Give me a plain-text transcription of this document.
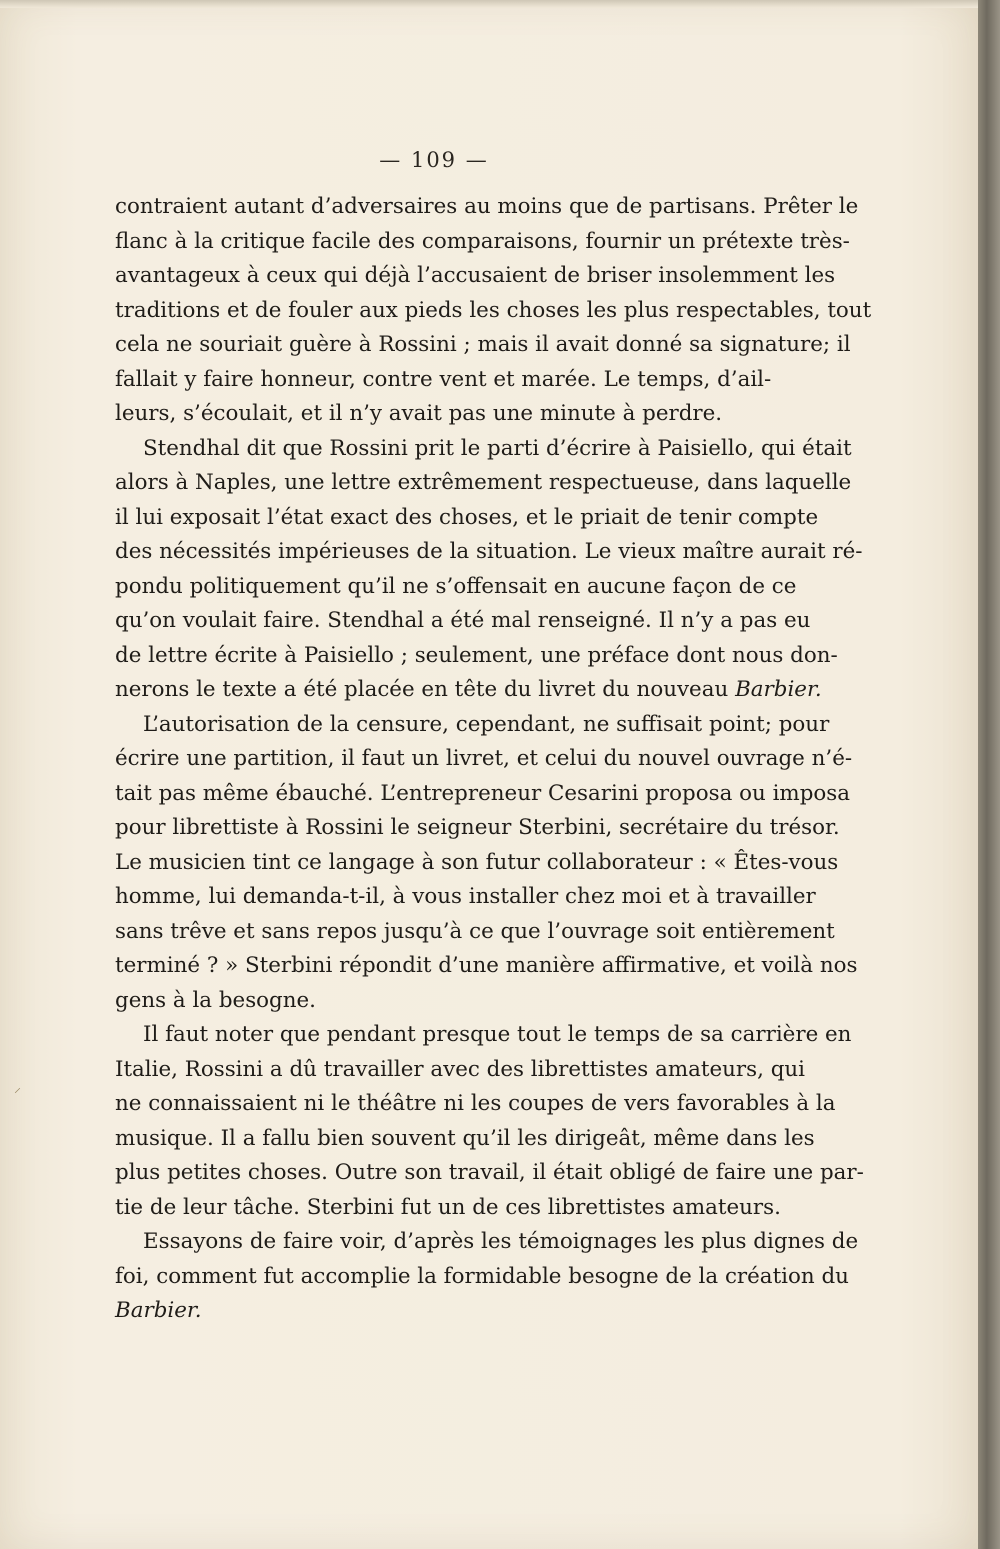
— 109 —
contraient autant d’adversaires au moins que de partisans. Prêter le
flanc à la critique facile des comparaisons, fournir un prétexte très-
avantageux à ceux qui déjà l’accusaient de briser insolemment les
traditions et de fouler aux pieds les choses les plus respectables, tout
cela ne souriait guère à Rossini ; mais il avait donné sa signature; il
fallait y faire honneur, contre vent et marée. Le temps, d’ail-
leurs, s’écoulait, et il n’y avait pas une minute à perdre.
Stendhal dit que Rossini prit le parti d’écrire à Paisiello, qui était
alors à Naples, une lettre extrêmement respectueuse, dans laquelle
il lui exposait l’état exact des choses, et le priait de tenir compte
des nécessités impérieuses de la situation. Le vieux maître aurait ré-
pondu politiquement qu’il ne s’offensait en aucune façon de ce
qu’on voulait faire. Stendhal a été mal renseigné. Il n’y a pas eu
de lettre écrite à Paisiello ; seulement, une préface dont nous don-
nerons le texte a été placée en tête du livret du nouveau Barbier.
L’autorisation de la censure, cependant, ne suffisait point; pour
écrire une partition, il faut un livret, et celui du nouvel ouvrage n’é-
tait pas même ébauché. L’entrepreneur Cesarini proposa ou imposa
pour librettiste à Rossini le seigneur Sterbini, secrétaire du trésor.
Le musicien tint ce langage à son futur collaborateur : « Êtes-vous
homme, lui demanda-t-il, à vous installer chez moi et à travailler
sans trêve et sans repos jusqu’à ce que l’ouvrage soit entièrement
terminé ? » Sterbini répondit d’une manière affirmative, et voilà nos
gens à la besogne.
Il faut noter que pendant presque tout le temps de sa carrière en
Italie, Rossini a dû travailler avec des librettistes amateurs, qui
ne connaissaient ni le théâtre ni les coupes de vers favorables à la
musique. Il a fallu bien souvent qu’il les dirigeât, même dans les
plus petites choses. Outre son travail, il était obligé de faire une par-
tie de leur tâche. Sterbini fut un de ces librettistes amateurs.
Essayons de faire voir, d’après les témoignages les plus dignes de
foi, comment fut accomplie la formidable besogne de la création du
Barbier.
⸝
